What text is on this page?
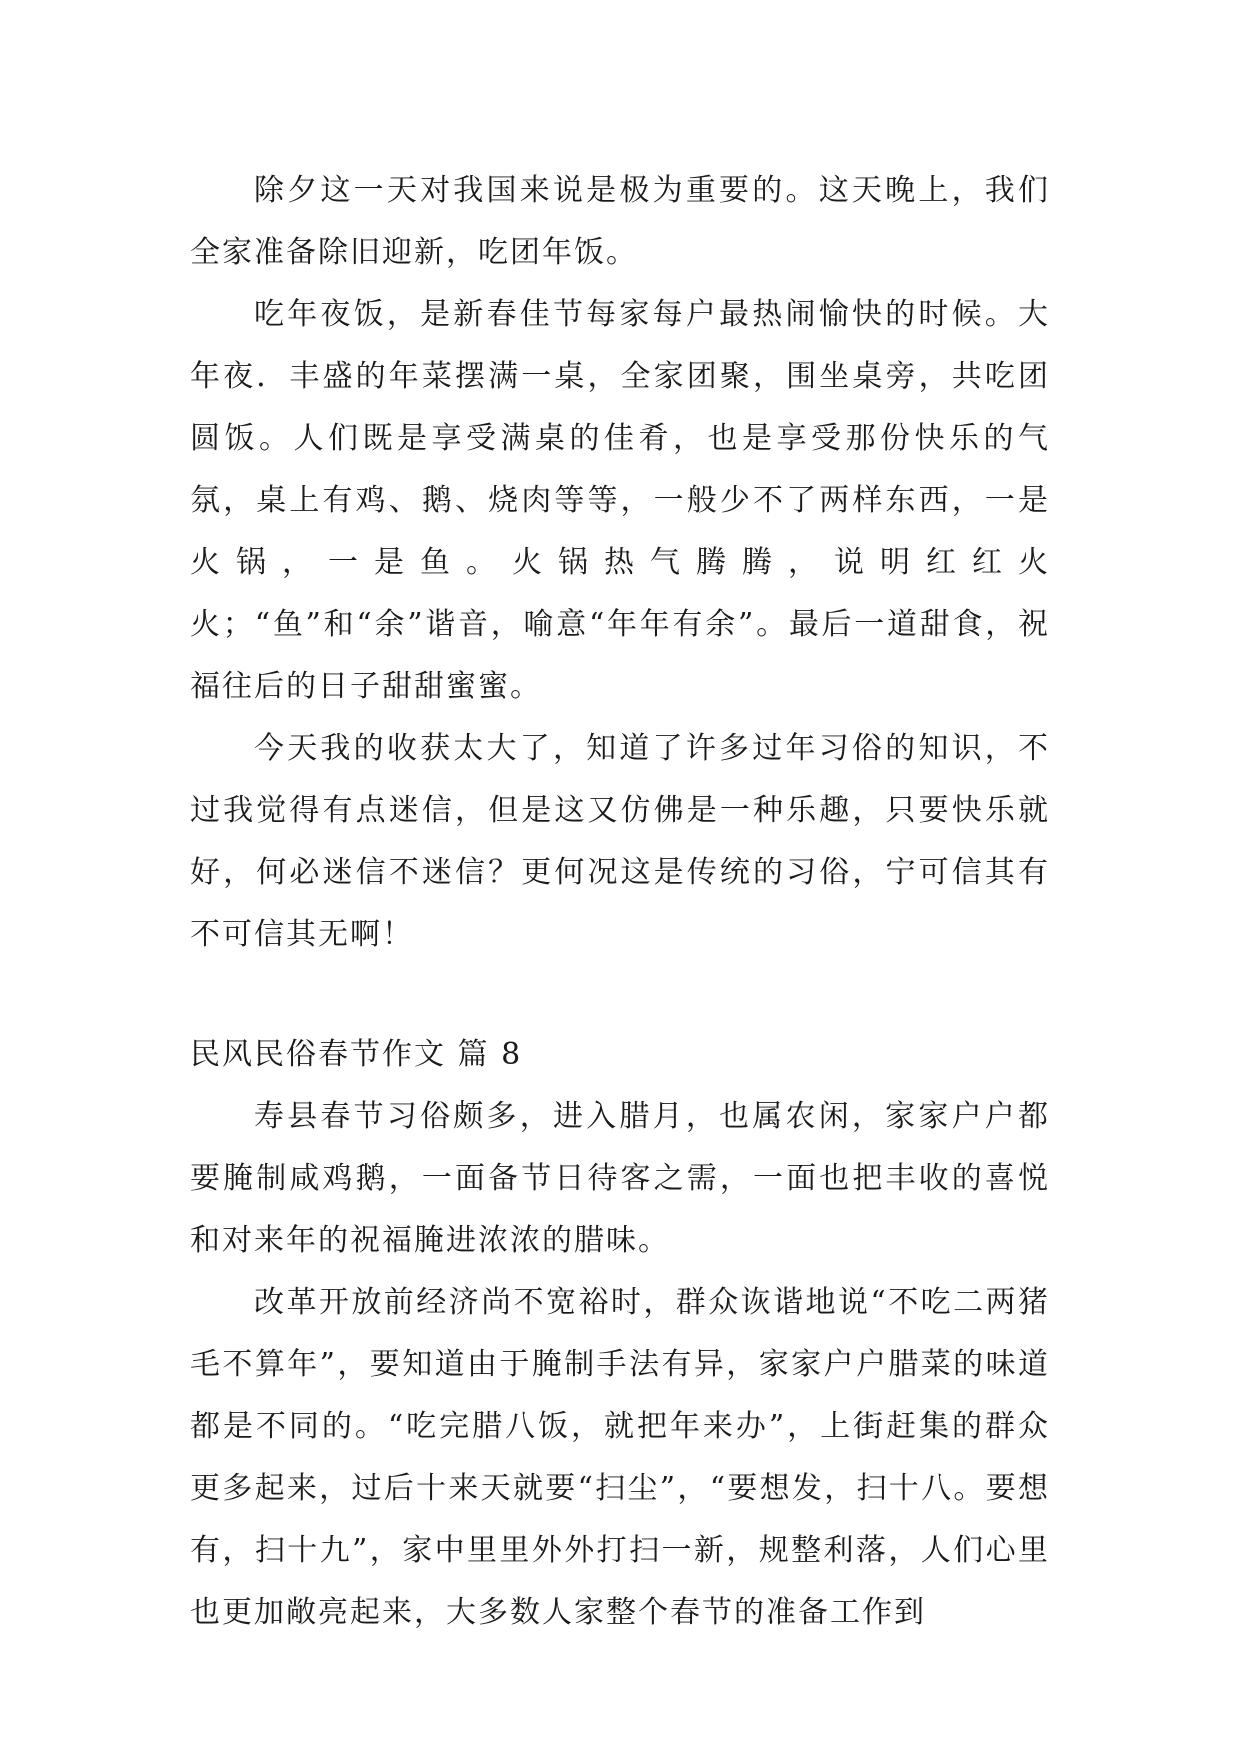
除夕这一天对我国来说是极为重要的。这天晚上，我们全家准备除旧迎新，吃团年饭。

吃年夜饭，是新春佳节每家每户最热闹愉快的时候。大年夜．丰盛的年菜摆满一桌，全家团聚，围坐桌旁，共吃团圆饭。人们既是享受满桌的佳肴，也是享受那份快乐的气氛，桌上有鸡、鹅、烧肉等等，一般少不了两样东西，一是火锅，一是鱼。火锅热气腾腾，说明红红火火；“鱼”和“余”谐音，喻意“年年有余”。最后一道甜食，祝福往后的日子甜甜蜜蜜。

今天我的收获太大了，知道了许多过年习俗的知识，不过我觉得有点迷信，但是这又仿佛是一种乐趣，只要快乐就好，何必迷信不迷信？更何况这是传统的习俗，宁可信其有不可信其无啊！

民风民俗春节作文 篇 8

寿县春节习俗颇多，进入腊月，也属农闲，家家户户都要腌制咸鸡鹅，一面备节日待客之需，一面也把丰收的喜悦和对来年的祝福腌进浓浓的腊味。

改革开放前经济尚不宽裕时，群众诙谐地说“不吃二两猪毛不算年”，要知道由于腌制手法有异，家家户户腊菜的味道都是不同的。“吃完腊八饭，就把年来办”，上街赶集的群众更多起来，过后十来天就要“扫尘”，“要想发，扫十八。要想有，扫十九”，家中里里外外打扫一新，规整利落，人们心里也更加敞亮起来，大多数人家整个春节的准备工作到
